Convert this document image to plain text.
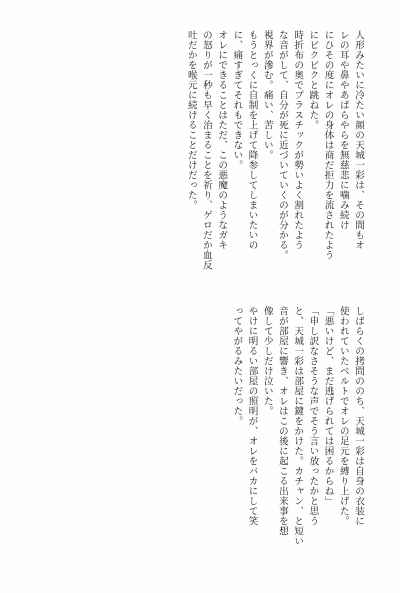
人形みたいに冷たい顔の天城一彩は、その間もオ
レの耳や鼻やあばらやらを無慈悲に噛み続け
にひその度にオレの身体は商だ拒力を流されたよう
にビクビクと跳ねた。
時折布の奥でプラスチックが勢いよく割れたよう
な音がして、自分が死に近づいていくのが分かる。
視界が滲む。痛い、苦しい。
もうとっくに自制を上げて降参してしまいたいの
に、痛すぎてそれもできない。
オレにできることはただ、この悪魔のようなガキ
の怒りが一秒も早く治まることを祈り、ゲロだか血反
吐だかを喉元に続けることだけだった。
しばらくの拷問ののち、天城一彩は自身の衣装に
使われていたベルトでオレの足元を縛り上げた。
「悪いけど、まだ逃げられては困るからね」
「申し訳なさそうな声でそう言い放ったかと思う
と、天城一彩は部屋に鍵をかけた。カチャン、と短い
音が部屋に響き、オレはこの後に起こる出来事を想
像して少しだけ泣いた。
やけに明るい部屋の照明が、オレをバカにして笑
ってやがるみたいだった。
